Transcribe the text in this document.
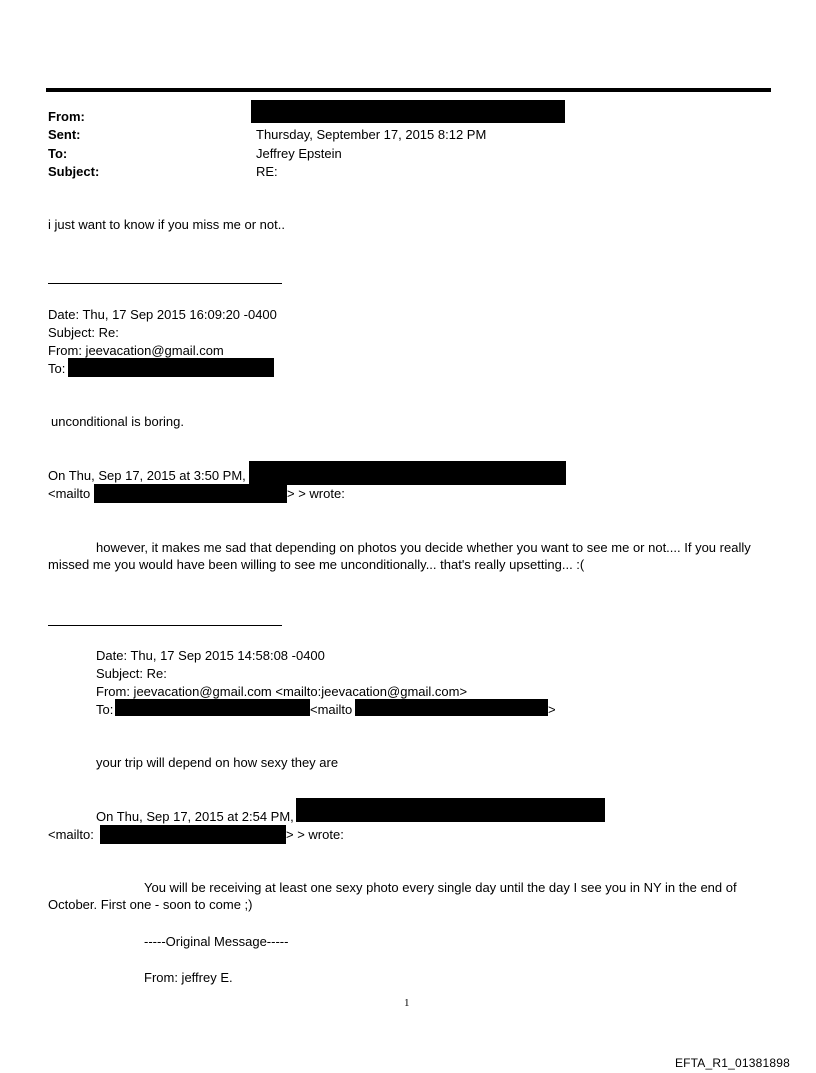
From:
Sent:	Thursday, September 17, 2015 8:12 PM
To:	Jeffrey Epstein
Subject:	RE:
i just want to know if you miss me or not..
Date: Thu, 17 Sep 2015 16:09:20 -0400
Subject: Re:
From: jeevacation@gmail.com
To:
unconditional is boring.
On Thu, Sep 17, 2015 at 3:50 PM,
<mailto	> > wrote:
however, it makes me sad that depending on photos you decide whether you want to see me or not.... If you really missed me you would have been willing to see me unconditionally... that's really upsetting... :(
Date: Thu, 17 Sep 2015 14:58:08 -0400
Subject: Re:
From: jeevacation@gmail.com <mailto:jeevacation@gmail.com>
To:	<mailto	>
your trip will depend on how sexy they are
On Thu, Sep 17, 2015 at 2:54 PM,
<mailto:	> > wrote:
You will be receiving at least one sexy photo every single day until the day I see you in NY in the end of October. First one - soon to come ;)
-----Original Message-----
From: jeffrey E.
1
EFTA_R1_01381898
